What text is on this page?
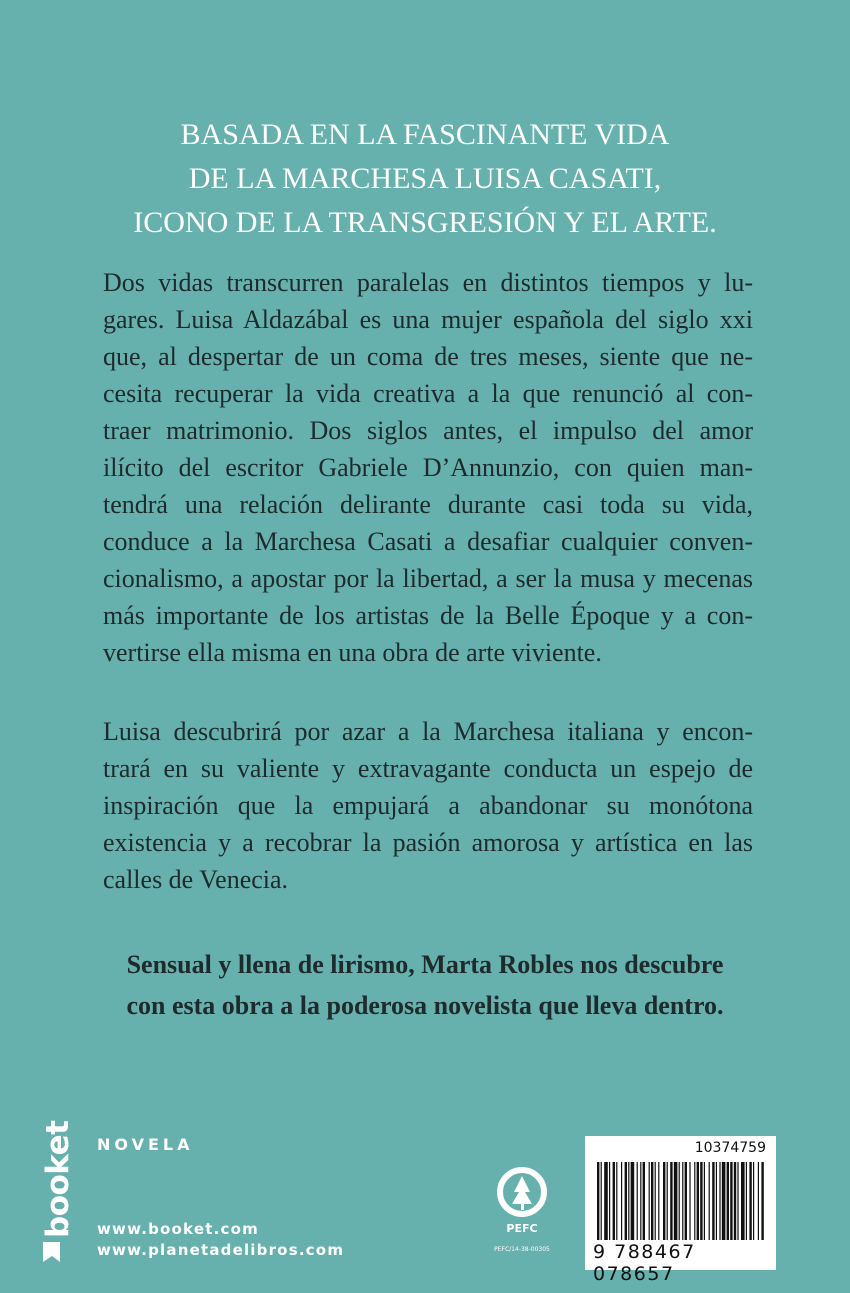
BASADA EN LA FASCINANTE VIDA
DE LA MARCHESA LUISA CASATI,
ICONO DE LA TRANSGRESIÓN Y EL ARTE.

Dos vidas transcurren paralelas en distintos tiempos y lu-
gares. Luisa Aldazábal es una mujer española del siglo xxi
que, al despertar de un coma de tres meses, siente que ne-
cesita recuperar la vida creativa a la que renunció al con-
traer matrimonio. Dos siglos antes, el impulso del amor
ilícito del escritor Gabriele D’Annunzio, con quien man-
tendrá una relación delirante durante casi toda su vida,
conduce a la Marchesa Casati a desafiar cualquier conven-
cionalismo, a apostar por la libertad, a ser la musa y mecenas
más importante de los artistas de la Belle Époque y a con-
vertirse ella misma en una obra de arte viviente.

Luisa descubrirá por azar a la Marchesa italiana y encon-
trará en su valiente y extravagante conducta un espejo de
inspiración que la empujará a abandonar su monótona
existencia y a recobrar la pasión amorosa y artística en las
calles de Venecia.

Sensual y llena de lirismo, Marta Robles nos descubre
con esta obra a la poderosa novelista que lleva dentro.
booket NOVELA
www.booket.com
www.planetadelibros.com
PEFC
PEFC/14-38-00305
10374759
9 788467 078657
